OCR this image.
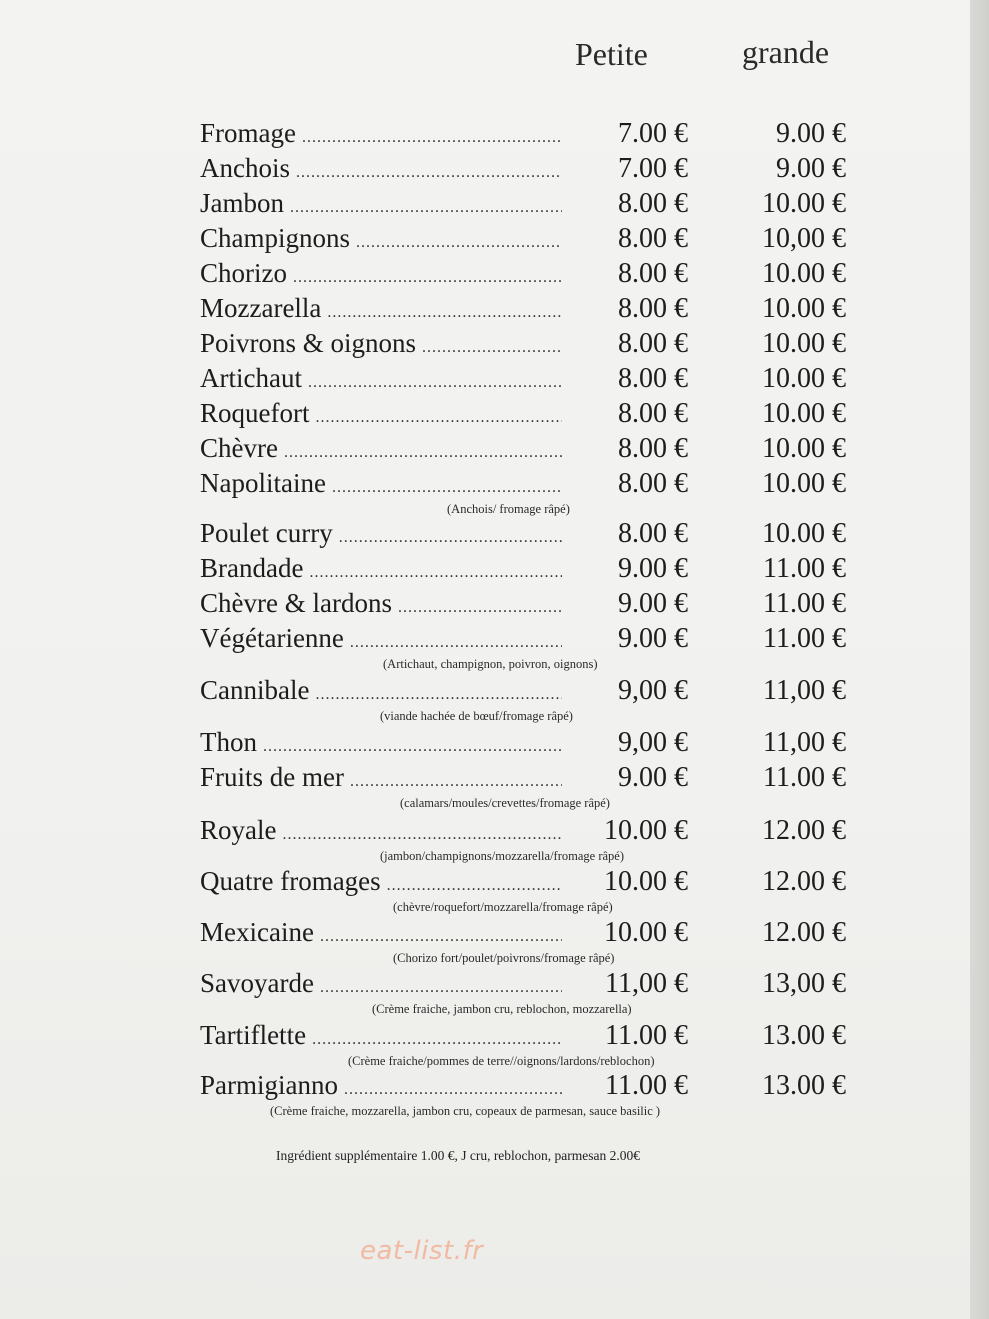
Petite	grande
Fromage .....	7.00 €	9.00 €
Anchois .....	7.00 €	9.00 €
Jambon .....	8.00 €	10.00 €
Champignons .....	8.00 €	10,00 €
Chorizo .....	8.00 €	10.00 €
Mozzarella .....	8.00 €	10.00 €
Poivrons & oignons .....	8.00 €	10.00 €
Artichaut .....	8.00 €	10.00 €
Roquefort .....	8.00 €	10.00 €
Chèvre .....	8.00 €	10.00 €
Napolitaine .....	8.00 €	10.00 €
(Anchois/ fromage râpé)
Poulet curry .....	8.00 €	10.00 €
Brandade .....	9.00 €	11.00 €
Chèvre & lardons .....	9.00 €	11.00 €
Végétarienne .....	9.00 €	11.00 €
(Artichaut, champignon, poivron, oignons)
Cannibale .....	9,00 €	11,00 €
(viande hachée de bœuf/fromage râpé)
Thon .....	9,00 €	11,00 €
Fruits de mer .....	9.00 €	11.00 €
(calamars/moules/crevettes/fromage râpé)
Royale .....	10.00 €	12.00 €
(jambon/champignons/mozzarella/fromage râpé)
Quatre fromages .....	10.00 €	12.00 €
(chèvre/roquefort/mozzarella/fromage râpé)
Mexicaine .....	10.00 €	12.00 €
(Chorizo fort/poulet/poivrons/fromage râpé)
Savoyarde .....	11,00 €	13,00 €
(Crème fraiche, jambon cru, reblochon, mozzarella)
Tartiflette .....	11.00 €	13.00 €
(Crème fraiche/pommes de terre//oignons/lardons/reblochon)
Parmigianno .....	11.00 €	13.00 €
(Crème fraiche, mozzarella, jambon cru, copeaux de parmesan, sauce basilic )
Ingrédient supplémentaire 1.00 €, J cru, reblochon, parmesan 2.00€
eat-list.fr
